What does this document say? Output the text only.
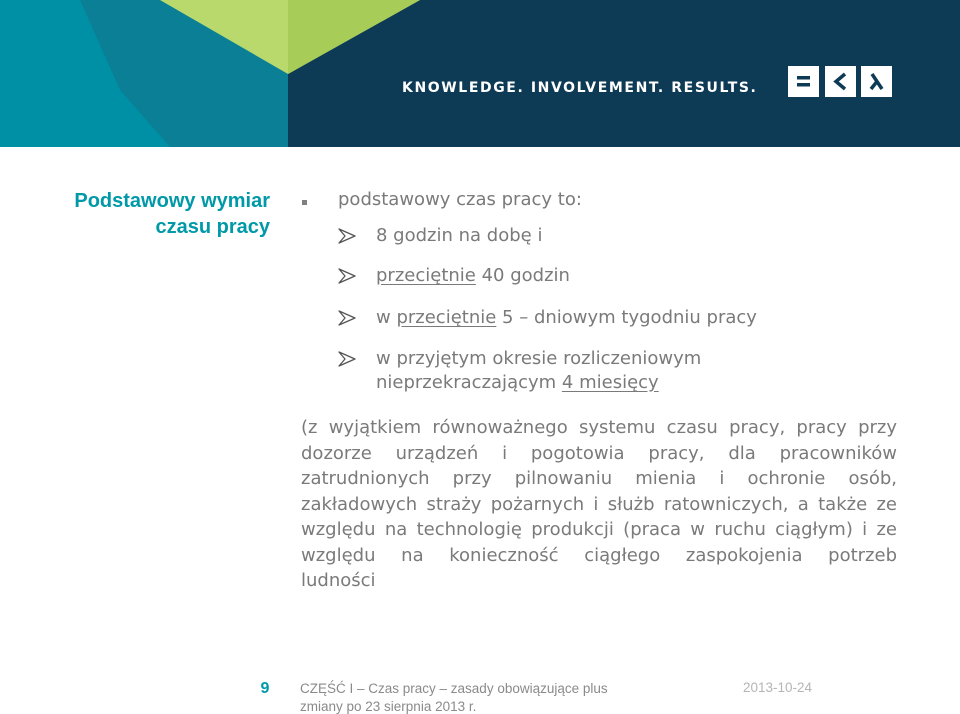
KNOWLEDGE. INVOLVEMENT. RESULTS.
Podstawowy wymiar
czasu pracy
podstawowy czas pracy to:
8 godzin na dobę i
przeciętnie 40 godzin
w przeciętnie 5 – dniowym tygodniu pracy
w przyjętym okresie rozliczeniowym
nieprzekraczającym 4 miesięcy
(z wyjątkiem równoważnego systemu czasu pracy, pracy przy
dozorze urządzeń i pogotowia pracy, dla pracowników
zatrudnionych przy pilnowaniu mienia i ochronie osób,
zakładowych straży pożarnych i służb ratowniczych, a także ze
względu na technologię produkcji (praca w ruchu ciągłym) i ze
względu na konieczność ciągłego zaspokojenia potrzeb
ludności
9	CZĘŚĆ I – Czas pracy – zasady obowiązujące plus
zmiany po 23 sierpnia 2013 r.
2013-10-24
